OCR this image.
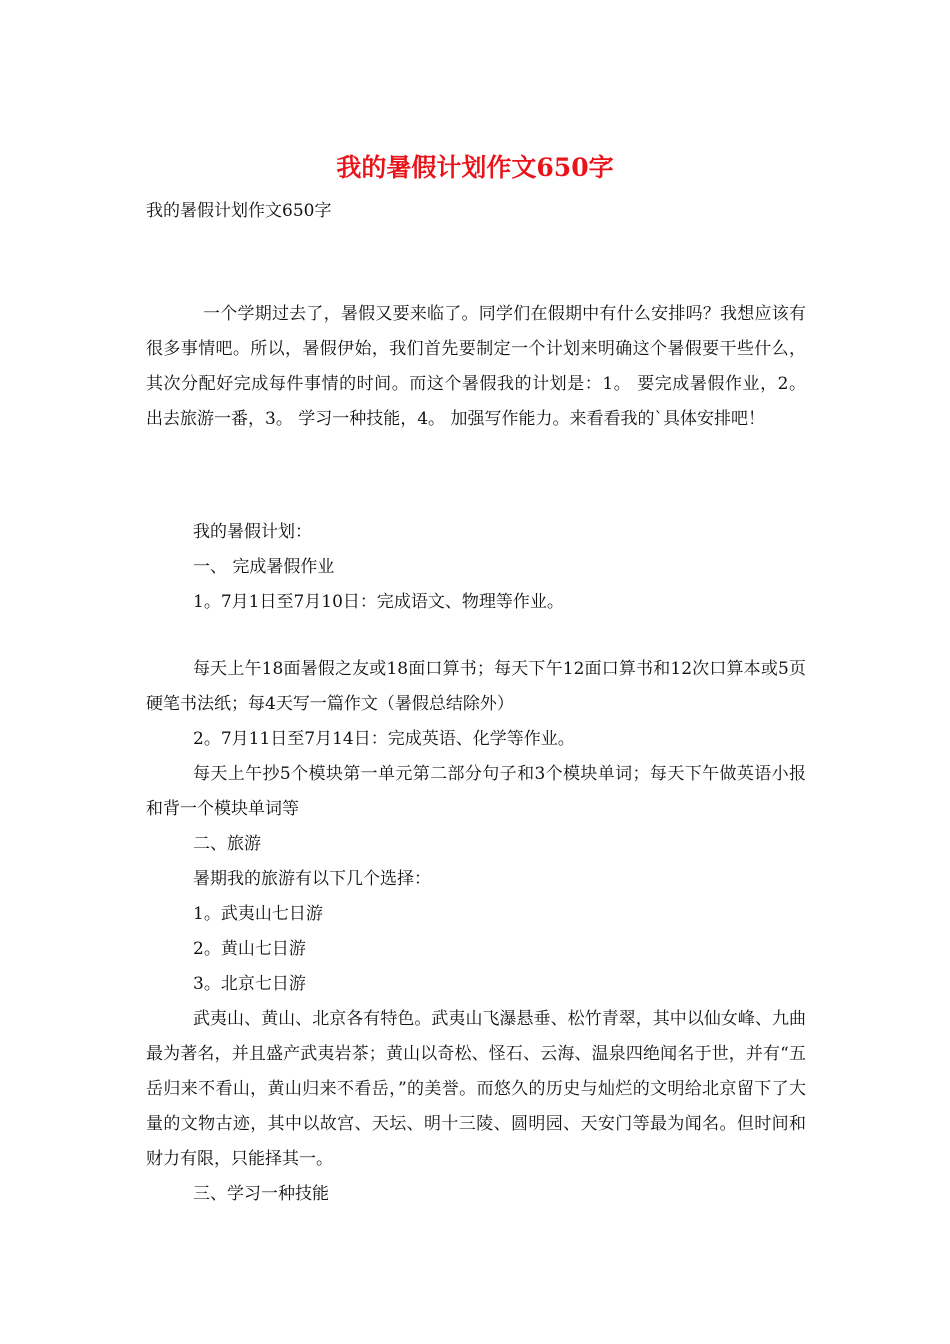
我的暑假计划作文650字

我的暑假计划作文650字

一个学期过去了，暑假又要来临了。同学们在假期中有什么安排吗？我想应该有很多事情吧。所以，暑假伊始，我们首先要制定一个计划来明确这个暑假要干些什么，其次分配好完成每件事情的时间。而这个暑假我的计划是：1。 要完成暑假作业，2。 出去旅游一番，3。 学习一种技能，4。 加强写作能力。来看看我的`具体安排吧！

我的暑假计划：

一、 完成暑假作业

1。7月1日至7月10日：完成语文、物理等作业。

每天上午18面暑假之友或18面口算书；每天下午12面口算书和12次口算本或5页硬笔书法纸；每4天写一篇作文（暑假总结除外）

2。7月11日至7月14日：完成英语、化学等作业。

每天上午抄5个模块第一单元第二部分句子和3个模块单词；每天下午做英语小报和背一个模块单词等

二、旅游

暑期我的旅游有以下几个选择：

1。武夷山七日游

2。黄山七日游

3。北京七日游

武夷山、黄山、北京各有特色。武夷山飞瀑悬垂、松竹青翠，其中以仙女峰、九曲最为著名，并且盛产武夷岩茶；黄山以奇松、怪石、云海、温泉四绝闻名于世，并有“五岳归来不看山，黄山归来不看岳，”的美誉。而悠久的历史与灿烂的文明给北京留下了大量的文物古迹，其中以故宫、天坛、明十三陵、圆明园、天安门等最为闻名。但时间和财力有限，只能择其一。

三、学习一种技能
